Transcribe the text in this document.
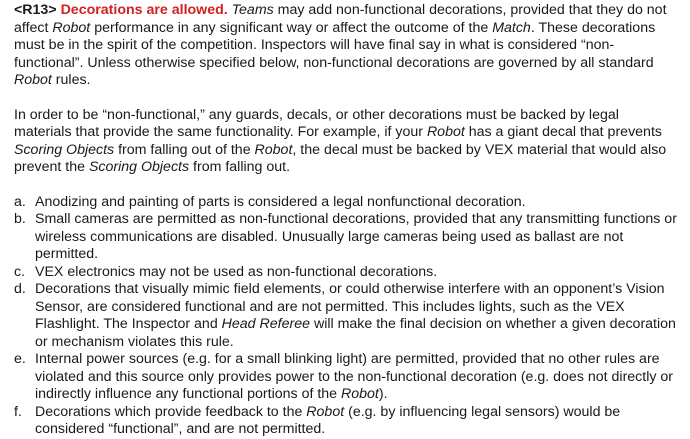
<R13> Decorations are allowed. Teams may add non-functional decorations, provided that they do not affect Robot performance in any significant way or affect the outcome of the Match. These decorations must be in the spirit of the competition. Inspectors will have final say in what is considered “non-functional”. Unless otherwise specified below, non-functional decorations are governed by all standard Robot rules.

In order to be “non-functional,” any guards, decals, or other decorations must be backed by legal materials that provide the same functionality. For example, if your Robot has a giant decal that prevents Scoring Objects from falling out of the Robot, the decal must be backed by VEX material that would also prevent the Scoring Objects from falling out.

a. Anodizing and painting of parts is considered a legal nonfunctional decoration.
b. Small cameras are permitted as non-functional decorations, provided that any transmitting functions or wireless communications are disabled. Unusually large cameras being used as ballast are not permitted.
c. VEX electronics may not be used as non-functional decorations.
d. Decorations that visually mimic field elements, or could otherwise interfere with an opponent’s Vision Sensor, are considered functional and are not permitted. This includes lights, such as the VEX Flashlight. The Inspector and Head Referee will make the final decision on whether a given decoration or mechanism violates this rule.
e. Internal power sources (e.g. for a small blinking light) are permitted, provided that no other rules are violated and this source only provides power to the non-functional decoration (e.g. does not directly or indirectly influence any functional portions of the Robot).
f. Decorations which provide feedback to the Robot (e.g. by influencing legal sensors) would be considered “functional”, and are not permitted.
